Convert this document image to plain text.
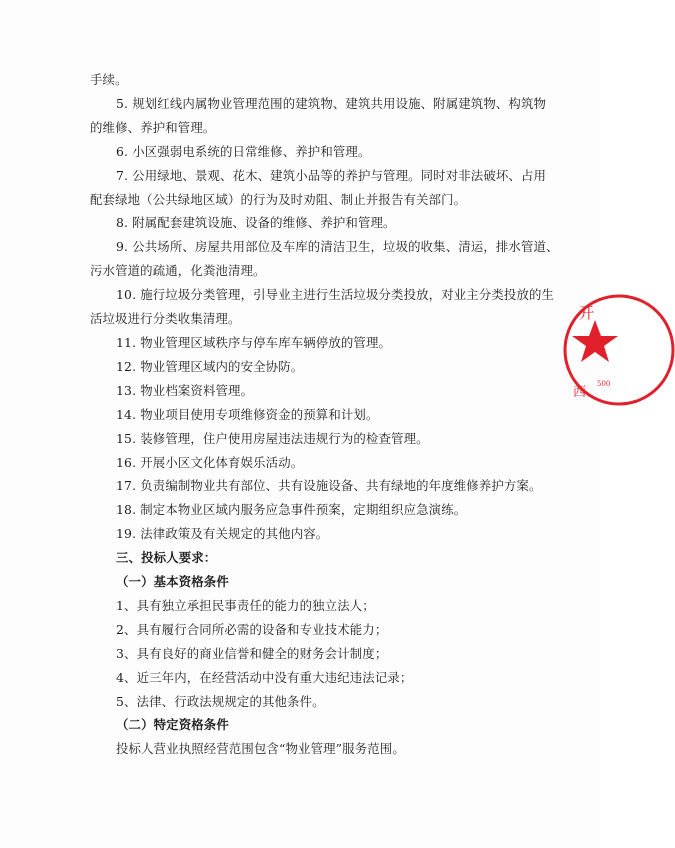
手续。
5. 规划红线内属物业管理范围的建筑物、建筑共用设施、附属建筑物、构筑物
的维修、养护和管理。
6. 小区强弱电系统的日常维修、养护和管理。
7. 公用绿地、景观、花木、建筑小品等的养护与管理。同时对非法破坏、占用
配套绿地（公共绿地区域）的行为及时劝阻、制止并报告有关部门。
8. 附属配套建筑设施、设备的维修、养护和管理。
9. 公共场所、房屋共用部位及车库的清洁卫生，垃圾的收集、清运，排水管道、
污水管道的疏通，化粪池清理。
10. 施行垃圾分类管理，引导业主进行生活垃圾分类投放，对业主分类投放的生
活垃圾进行分类收集清理。
11. 物业管理区域秩序与停车库车辆停放的管理。
12. 物业管理区域内的安全协防。
13. 物业档案资料管理。
14. 物业项目使用专项维修资金的预算和计划。
15. 装修管理，住户使用房屋违法违规行为的检查管理。
16. 开展小区文化体育娱乐活动。
17. 负责编制物业共有部位、共有设施设备、共有绿地的年度维修养护方案。
18. 制定本物业区域内服务应急事件预案，定期组织应急演练。
19. 法律政策及有关规定的其他内容。
三、投标人要求：
（一）基本资格条件
1、具有独立承担民事责任的能力的独立法人；
2、具有履行合同所必需的设备和专业技术能力；
3、具有良好的商业信誉和健全的财务会计制度；
4、近三年内，在经营活动中没有重大违纪违法记录；
5、法律、行政法规规定的其他条件。
（二）特定资格条件
投标人营业执照经营范围包含“物业管理”服务范围。
开
西
500
